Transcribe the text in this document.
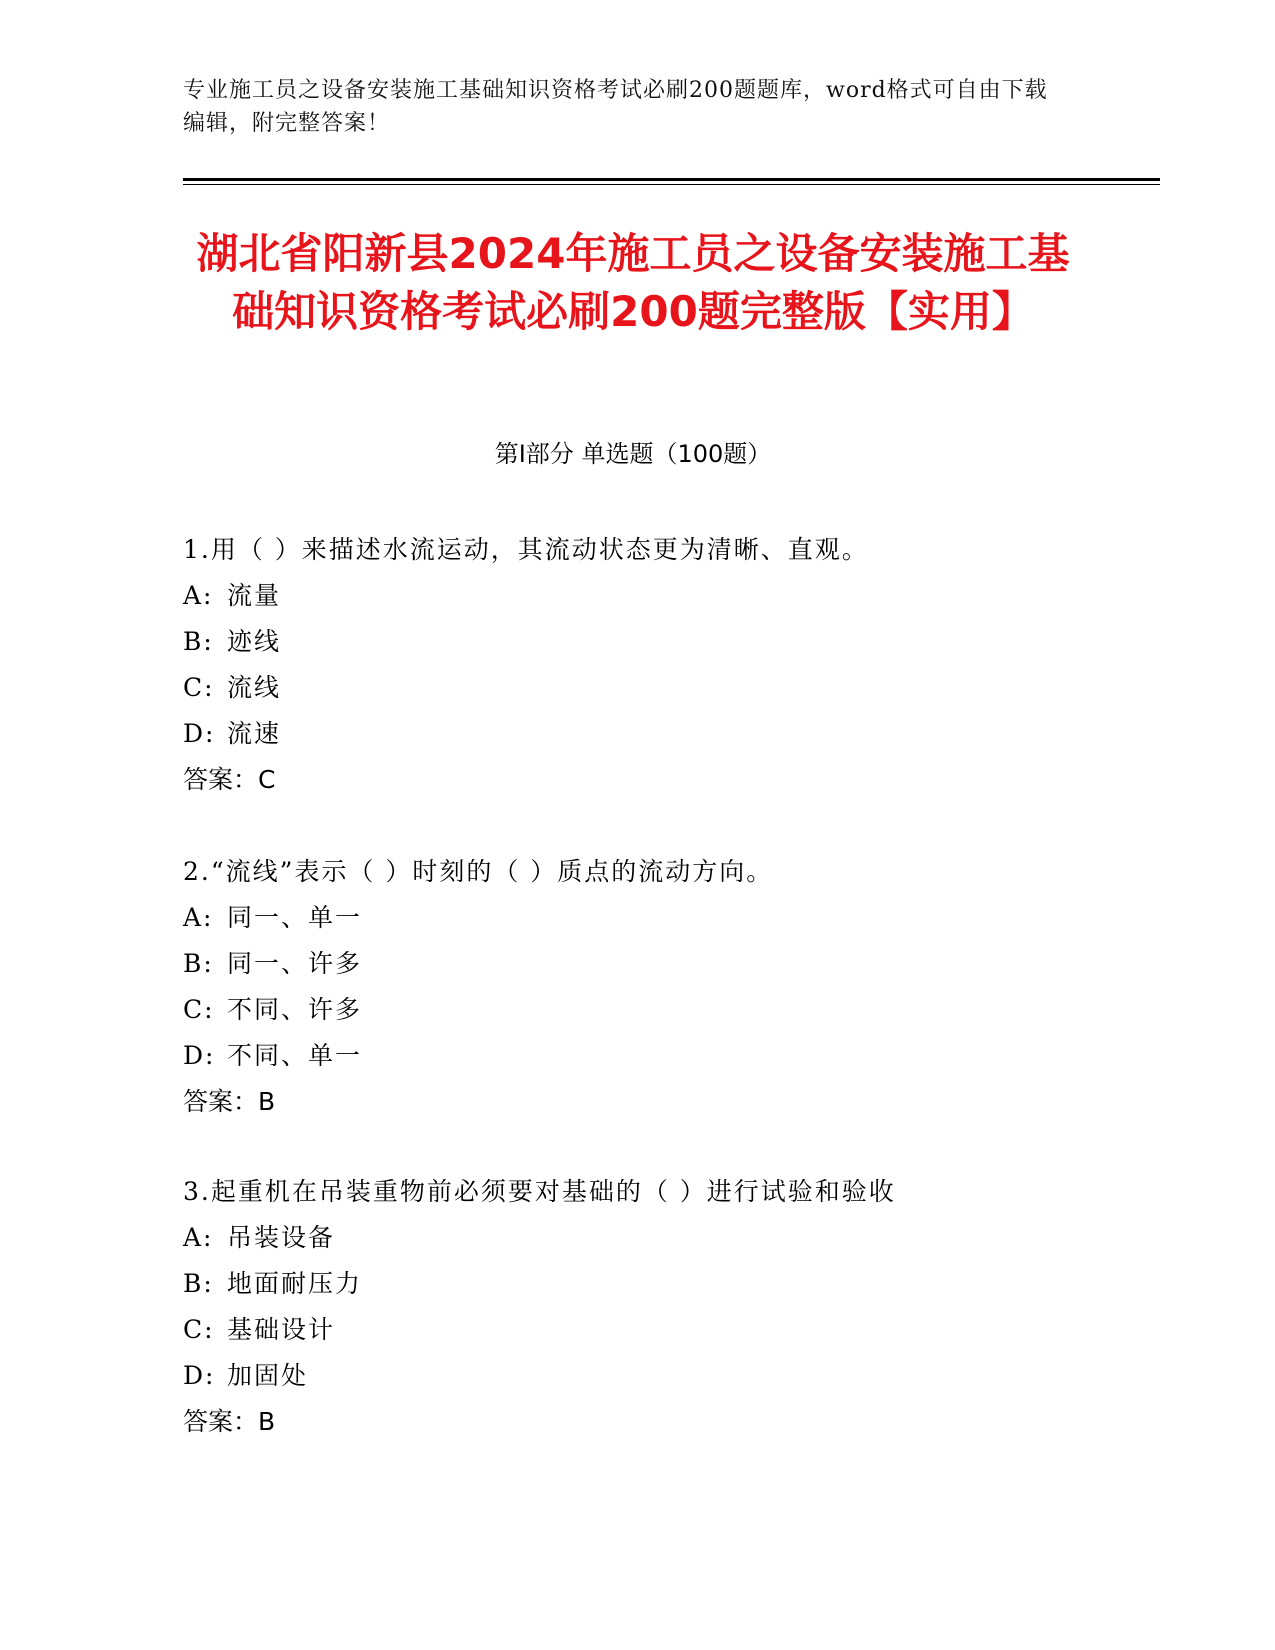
专业施工员之设备安装施工基础知识资格考试必刷200题题库，word格式可自由下载编辑，附完整答案！
湖北省阳新县2024年施工员之设备安装施工基础知识资格考试必刷200题完整版【实用】
第Ⅰ部分 单选题（100题）

1.用（ ）来描述水流运动，其流动状态更为清晰、直观。

A: 流量
B: 迹线
C: 流线
D: 流速
答案：C

2.“流线”表示（ ）时刻的（ ）质点的流动方向。

A: 同一、单一
B: 同一、许多
C: 不同、许多
D: 不同、单一
答案：B

3.起重机在吊装重物前必须要对基础的（ ）进行试验和验收

A: 吊装设备
B: 地面耐压力
C: 基础设计
D: 加固处
答案：B
